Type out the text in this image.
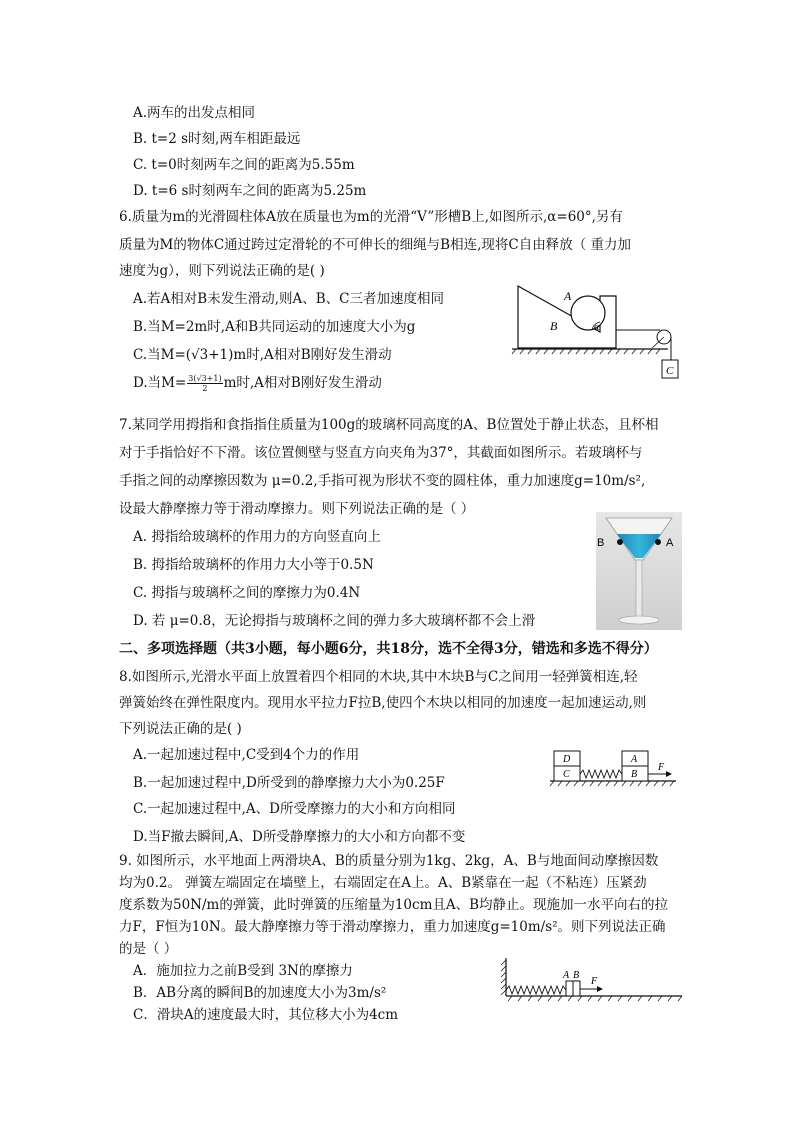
A.两车的出发点相同
B. t=2 s时刻,两车相距最远
C. t=0时刻两车之间的距离为5.55m
D. t=6 s时刻两车之间的距离为5.25m
6.质量为m的光滑圆柱体A放在质量也为m的光滑“V”形槽B上,如图所示,α=60°,另有
质量为M的物体C通过跨过定滑轮的不可伸长的细绳与B相连,现将C自由释放（ 重力加
速度为g），则下列说法正确的是( )
A.若A相对B未发生滑动,则A、B、C三者加速度相同
B.当M=2m时,A和B共同运动的加速度大小为g
C.当M=(√3+1)m时,A相对B刚好发生滑动
D.当$M= \frac{3(√3+1)}{2}$ m时,A相对B刚好发生滑动
A
B	α
C
7.某同学用拇指和食指指住质量为100g的玻璃杯同高度的A、B位置处于静止状态，且杯相
对于手指恰好不下滑。该位置侧壁与竖直方向夹角为37°，其截面如图所示。若玻璃杯与
手指之间的动摩擦因数为 μ=0.2,手指可视为形状不变的圆柱体，重力加速度g=10m/s²,
设最大静摩擦力等于滑动摩擦力。则下列说法正确的是（ ）
A. 拇指给玻璃杯的作用力的方向竖直向上
B. 拇指给玻璃杯的作用力大小等于0.5N
C. 拇指与玻璃杯之间的摩擦力为0.4N
D. 若 μ=0.8，无论拇指与玻璃杯之间的弹力多大玻璃杯都不会上滑
B	A
二、多项选择题（共3小题，每小题6分，共18分，选不全得3分，错选和多选不得分）
8.如图所示,光滑水平面上放置着四个相同的木块,其中木块B与C之间用一轻弹簧相连,轻
弹簧始终在弹性限度内。现用水平拉力F拉B,使四个木块以相同的加速度一起加速运动,则
下列说法正确的是( )
A.一起加速过程中,C受到4个力的作用
B.一起加速过程中,D所受到的静摩擦力大小为0.25F
C.一起加速过程中,A、D所受摩擦力的大小和方向相同
D.当F撤去瞬间,A、D所受静摩擦力的大小和方向都不变
D
C
A
B
F
9. 如图所示，水平地面上两滑块A、B的质量分别为1kg、2kg，A、B与地面间动摩擦因数
均为0.2。 弹簧左端固定在墙壁上，右端固定在A上。A、B紧靠在一起（不粘连）压紧劲
度系数为50N/m的弹簧，此时弹簧的压缩量为10cm且A、B均静止。现施加一水平向右的拉
力F，F恒为10N。最大静摩擦力等于滑动摩擦力，重力加速度g=10m/s²。则下列说法正确
的是（ ）
A．施加拉力之前B受到 3N的摩擦力
B．AB分离的瞬间B的加速度大小为3m/s²
C．滑块A的速度最大时，其位移大小为4cm
A B
F
